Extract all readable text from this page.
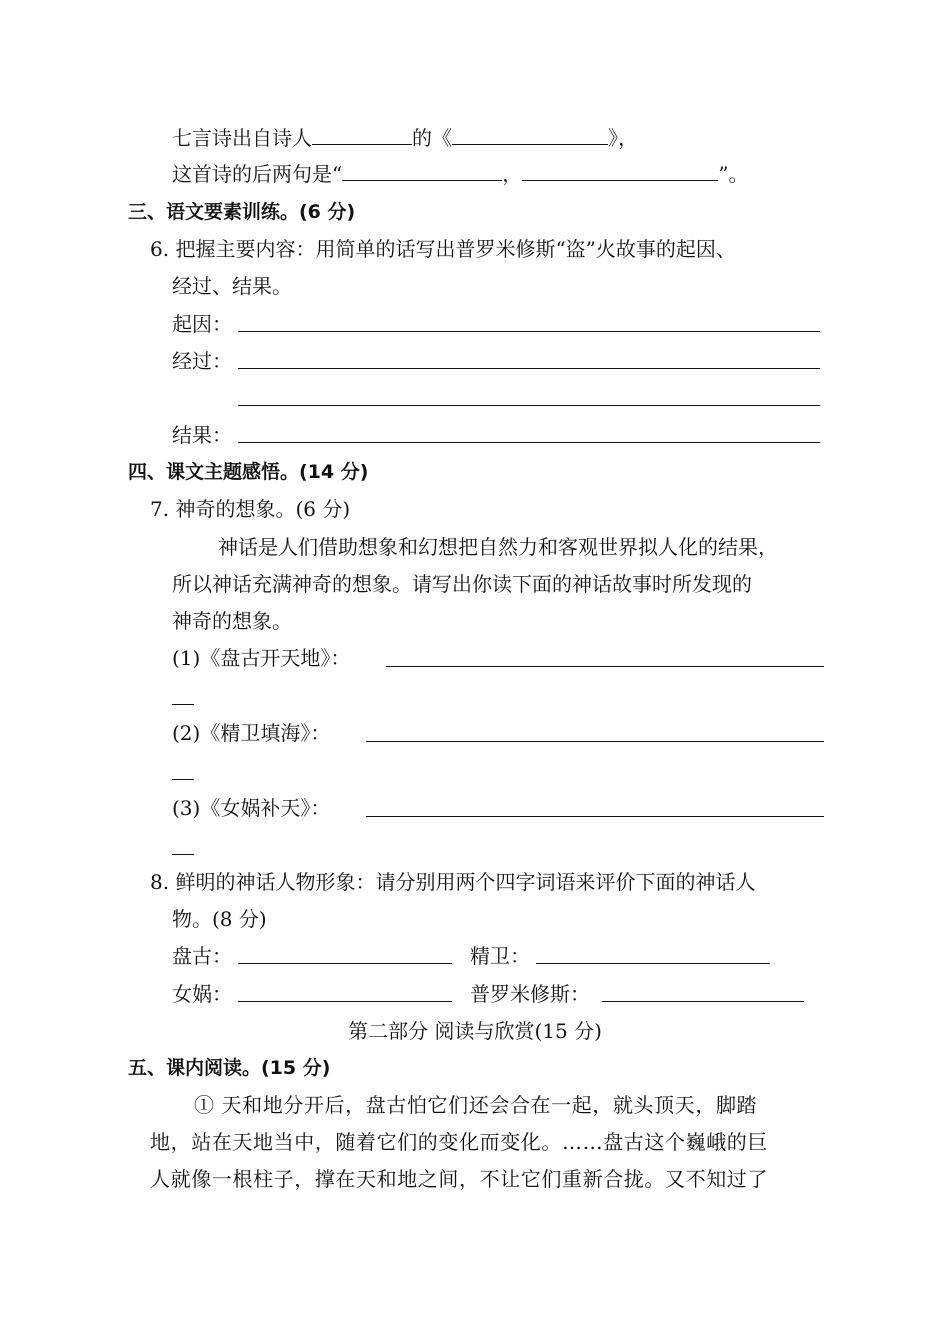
七言诗出自诗人	的《	》，
这首诗的后两句是“	，	”。
三、语文要素训练。(6 分)
6. 把握主要内容：用简单的话写出普罗米修斯“盗”火故事的起因、
经过、结果。
起因：
经过：
结果：
四、课文主题感悟。(14 分)
7. 神奇的想象。(6 分)
神话是人们借助想象和幻想把自然力和客观世界拟人化的结果，
所以神话充满神奇的想象。请写出你读下面的神话故事时所发现的
神奇的想象。
(1)《盘古开天地》：
(2)《精卫填海》：
(3)《女娲补天》：
8. 鲜明的神话人物形象：请分别用两个四字词语来评价下面的神话人
物。(8 分)
盘古：	精卫：
女娲：	普罗米修斯：
第二部分 阅读与欣赏(15 分)
五、课内阅读。(15 分)
① 天和地分开后，盘古怕它们还会合在一起，就头顶天，脚踏
地，站在天地当中，随着它们的变化而变化。……盘古这个巍峨的巨
人就像一根柱子，撑在天和地之间，不让它们重新合拢。又不知过了
